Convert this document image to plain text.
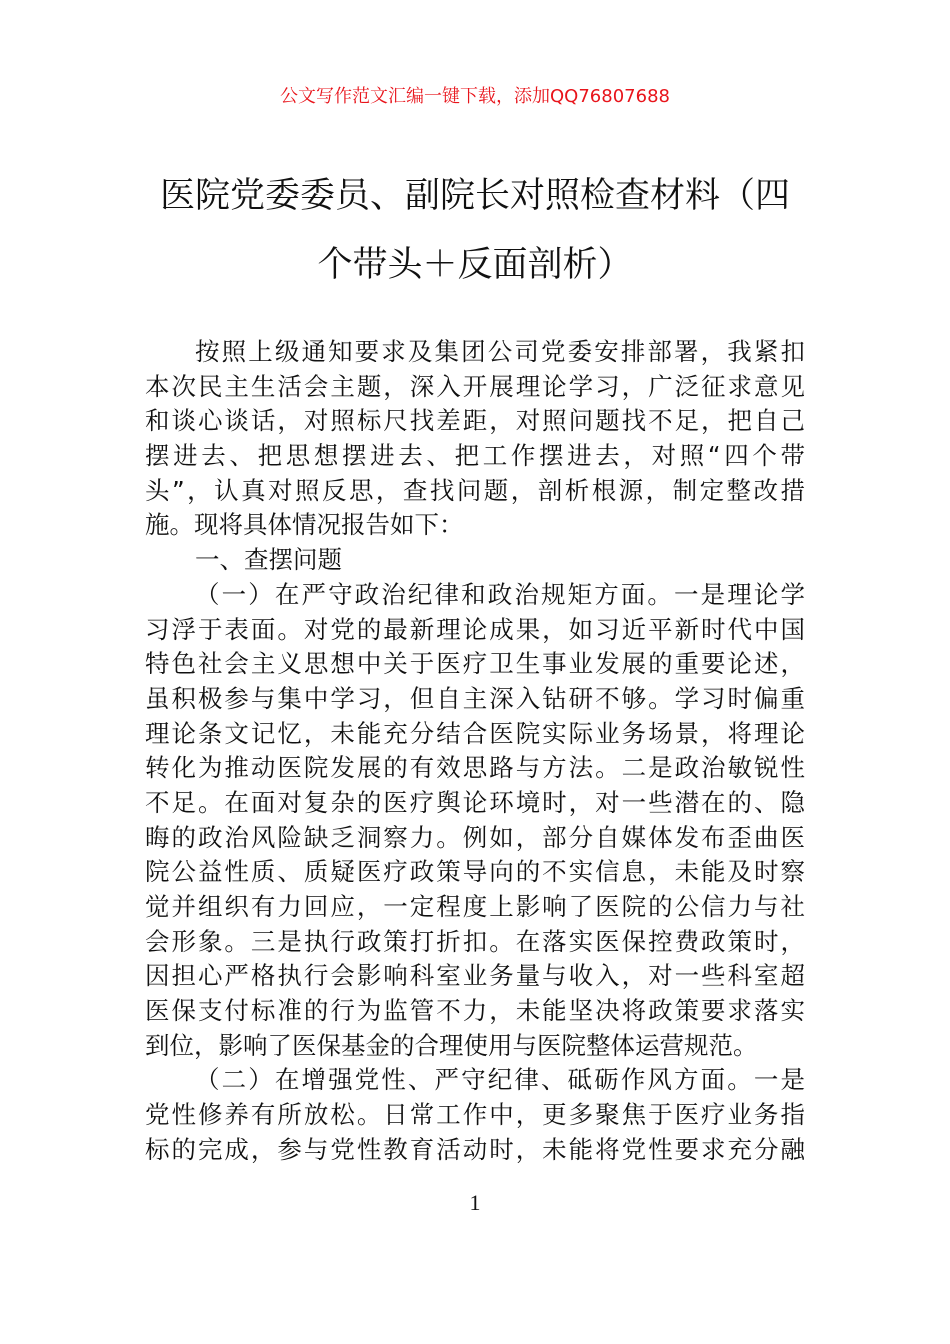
公文写作范文汇编一键下载，添加QQ76807688
医院党委委员、副院长对照检查材料（四
个带头＋反面剖析）
按照上级通知要求及集团公司党委安排部署，我紧扣
本次民主生活会主题，深入开展理论学习，广泛征求意见
和谈心谈话，对照标尺找差距，对照问题找不足，把自己
摆进去、把思想摆进去、把工作摆进去，对照“四个带
头”，认真对照反思，查找问题，剖析根源，制定整改措
施。现将具体情况报告如下：
一、查摆问题
（一）在严守政治纪律和政治规矩方面。一是理论学
习浮于表面。对党的最新理论成果，如习近平新时代中国
特色社会主义思想中关于医疗卫生事业发展的重要论述，
虽积极参与集中学习，但自主深入钻研不够。学习时偏重
理论条文记忆，未能充分结合医院实际业务场景，将理论
转化为推动医院发展的有效思路与方法。二是政治敏锐性
不足。在面对复杂的医疗舆论环境时，对一些潜在的、隐
晦的政治风险缺乏洞察力。例如，部分自媒体发布歪曲医
院公益性质、质疑医疗政策导向的不实信息，未能及时察
觉并组织有力回应，一定程度上影响了医院的公信力与社
会形象。三是执行政策打折扣。在落实医保控费政策时，
因担心严格执行会影响科室业务量与收入，对一些科室超
医保支付标准的行为监管不力，未能坚决将政策要求落实
到位，影响了医保基金的合理使用与医院整体运营规范。
（二）在增强党性、严守纪律、砥砺作风方面。一是
党性修养有所放松。日常工作中，更多聚焦于医疗业务指
标的完成，参与党性教育活动时，未能将党性要求充分融
1
